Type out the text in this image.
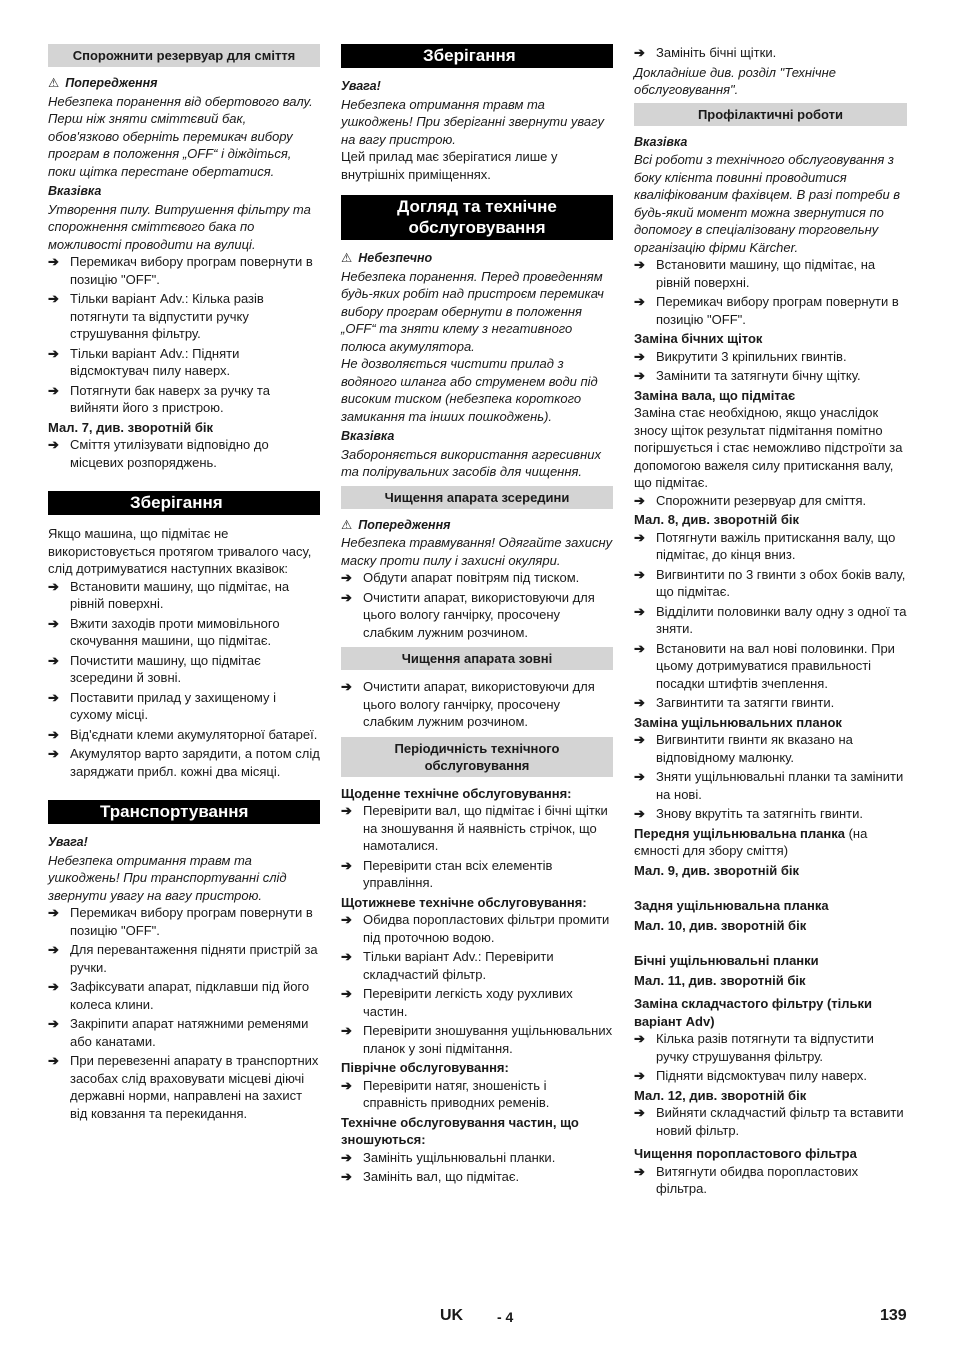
Спорожнити резервуар для сміття
⚠ Попередження
Небезпека поранення від обертового валу.
Перш ніж зняти сміттєвий бак, обов'язково оберніть перемикач вибору програм в положення „OFF“ і діждіться, поки щітка перестане обертатися.
Вказівка
Утворення пилу. Витрушення фільтру та спорожнення сміттєвого бака по можливості проводити на вулиці.
➔ Перемикач вибору програм повернути в позицію "OFF".
➔ Тільки варіант Adv.: Кілька разів потягнути та відпустити ручку струшування фільтру.
➔ Тільки варіант Adv.: Підняти відсмоктувач пилу наверх.
➔ Потягнути бак наверх за ручку та вийняти його з пристрою.
Мал. 7, див. зворотній бік
➔ Сміття утилізувати відповідно до місцевих розпоряджень.
Зберігання
Якщо машина, що підмітає не використовується протягом тривалого часу, слід дотримуватися наступних вказівок:
➔ Встановити машину, що підмітає, на рівній поверхні.
➔ Вжити заходів проти мимовільного скочування машини, що підмітає.
➔ Почистити машину, що підмітає зсередини й зовні.
➔ Поставити прилад у захищеному і сухому місці.
➔ Від'єднати клеми акумуляторної батареї.
➔ Акумулятор варто зарядити, а потом слід заряджати прибл. кожні два місяці.
Транспортування
Увага!
Небезпека отримання травм та ушкоджень! При транспортуванні слід звернути увагу на вагу пристрою.
➔ Перемикач вибору програм повернути в позицію "OFF".
➔ Для перевантаження підняти пристрій за ручки.
➔ Зафіксувати апарат, підклавши під його колеса клини.
➔ Закріпити апарат натяжними ременями або канатами.
➔ При перевезенні апарату в транспортних засобах слід враховувати місцеві діючі державні норми, направлені на захист від ковзання та перекидання.
Зберігання
Увага!
Небезпека отримання травм та ушкоджень! При зберіганні звернути увагу на вагу пристрою.
Цей прилад має зберігатися лише у внутрішніх приміщеннях.
Догляд та технічне обслуговування
⚠ Небезпечно
Небезпека поранення. Перед проведенням будь-яких робіт над пристроєм перемикач вибору програм обернути в положення „OFF“ та зняти клему з негативного полюса акумулятора.
Не дозволяється чистити прилад з водяного шланга або струменем води під високим тиском (небезпека короткого замикання та інших пошкоджень).
Вказівка
Забороняється використання агресивних та полірувальних засобів для чищення.
Чищення апарата зсередини
⚠ Попередження
Небезпека травмування! Одягайте захисну маску проти пилу і захисні окуляри.
➔ Обдути апарат повітрям під тиском.
➔ Очистити апарат, використовуючи для цього вологу ганчірку, просочену слабким лужним розчином.
Чищення апарата зовні
➔ Очистити апарат, використовуючи для цього вологу ганчірку, просочену слабким лужним розчином.
Періодичність технічного обслуговування
Щоденне технічне обслуговування:
➔ Перевірити вал, що підмітає і бічні щітки на зношування й наявність стрічок, що намоталися.
➔ Перевірити стан всіх елементів управління.
Щотижневе технічне обслуговування:
➔ Обидва поропластових фільтри промити під проточною водою.
➔ Тільки варіант Adv.: Перевірити складчастий фільтр.
➔ Перевірити легкість ходу рухливих частин.
➔ Перевірити зношування ущільнювальних планок у зоні підмітання.
Піврічне обслуговування:
➔ Перевірити натяг, зношеність і справність приводних ременів.
Технічне обслуговування частин, що зношуються:
➔ Замініть ущільнювальні планки.
➔ Замініть вал, що підмітає.
➔ Замініть бічні щітки.
Докладніше див. розділ "Технічне обслуговування".
Профілактичні роботи
Вказівка
Всі роботи з технічного обслуговування з боку клієнта повинні проводитися кваліфікованим фахівцем. В разі потреби в будь-який момент можна звернутися по допомогу в спеціалізовану торговельну організацію фірми Kärcher.
➔ Встановити машину, що підмітає, на рівній поверхні.
➔ Перемикач вибору програм повернути в позицію "OFF".
Заміна бічних щіток
➔ Викрутити 3 кріпильних гвинтів.
➔ Замінити та затягнути бічну щітку.
Заміна вала, що підмітає
Заміна стає необхідною, якщо унаслідок зносу щіток результат підмітання помітно погіршується і стає неможливо підстроїти за допомогою важеля силу притискання валу, що підмітає.
➔ Спорожнити резервуар для сміття.
Мал. 8, див. зворотній бік
➔ Потягнути важіль притискання валу, що підмітає, до кінця вниз.
➔ Вигвинтити по 3 гвинти з обох боків валу, що підмітає.
➔ Відділити половинки валу одну з одної та зняти.
➔ Встановити на вал нові половинки. При цьому дотримуватися правильності посадки штифтів зчеплення.
➔ Загвинтити та затягти гвинти.
Заміна ущільнювальних планок
➔ Вигвинтити гвинти як вказано на відповідному малюнку.
➔ Зняти ущільнювальні планки та замінити на нові.
➔ Знову вкрутіть та затягніть гвинти.
Передня ущільнювальна планка (на ємності для збору сміття)
Мал. 9, див. зворотній бік
Задня ущільнювальна планка
Мал. 10, див. зворотній бік
Бічні ущільнювальні планки
Мал. 11, див. зворотній бік
Заміна складчастого фільтру (тільки варіант Adv)
➔ Кілька разів потягнути та відпустити ручку струшування фільтру.
➔ Підняти відсмоктувач пилу наверх.
Мал. 12, див. зворотній бік
➔ Вийняти складчастий фільтр та вставити новий фільтр.
Чищення поропластового фільтра
➔ Витягнути обидва поропластових фільтра.
UK - 4	139
